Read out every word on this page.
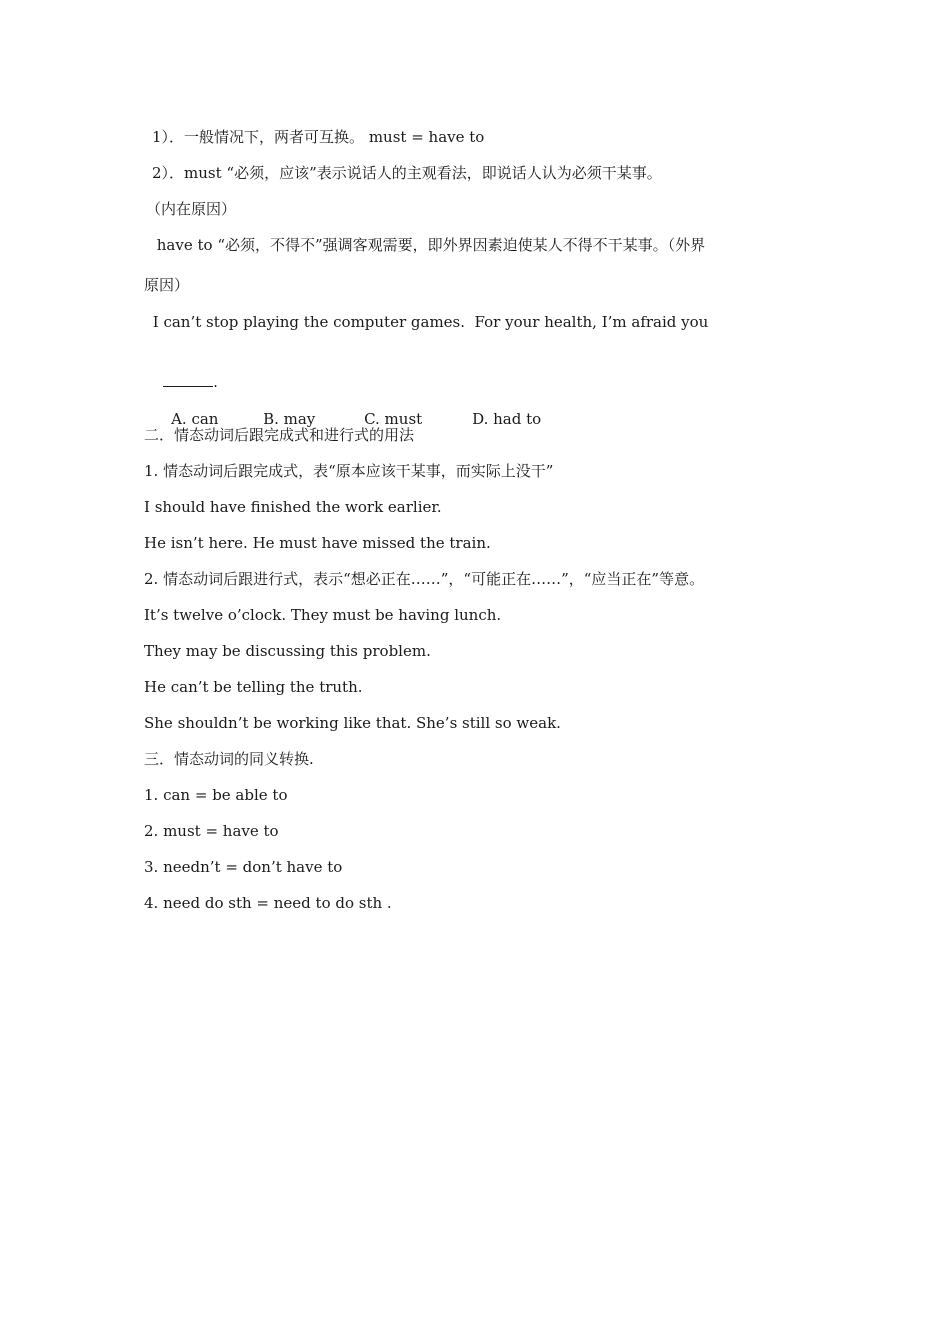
1）．一般情况下，两者可互换。 must = have to

2）．must “必须，应该”表示说话人的主观看法，即说话人认为必须干某事。

（内在原因）

have to “必须，不得不”强调客观需要，即外界因素迫使某人不得不干某事。（外界

原因）

I can’t stop playing the computer games.  For your health, I’m afraid you

.

A. can	B. may	C. must	D. had to

二．情态动词后跟完成式和进行式的用法

1. 情态动词后跟完成式，表“原本应该干某事，而实际上没干”

I should have finished the work earlier.

He isn’t here. He must have missed the train.

2. 情态动词后跟进行式，表示“想必正在……”，“可能正在……”，“应当正在”等意。

It’s twelve o’clock. They must be having lunch.

They may be discussing this problem.

He can’t be telling the truth.

She shouldn’t be working like that. She’s still so weak.

三．情态动词的同义转换.

1. can = be able to

2. must = have to

3. needn’t = don’t have to

4. need do sth = need to do sth .
